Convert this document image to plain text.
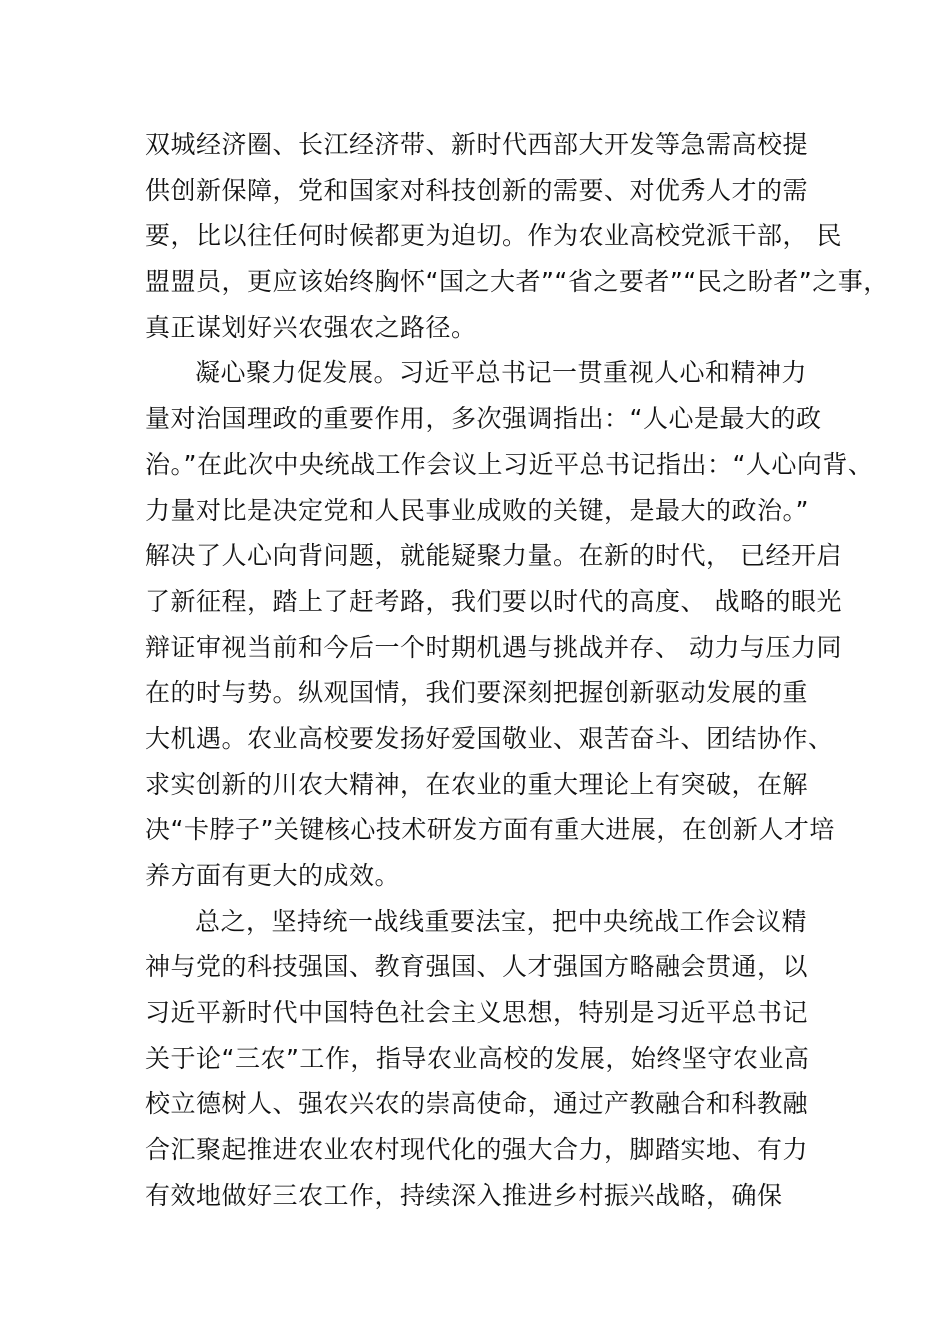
双城经济圈、长江经济带、新时代西部大开发等急需高校提
供创新保障，党和国家对科技创新的需要、对优秀人才的需
要，比以往任何时候都更为迫切。作为农业高校党派干部， 民
盟盟员，更应该始终胸怀“国之大者”“省之要者”“民之盼者”之事，
真正谋划好兴农强农之路径。
凝心聚力促发展。习近平总书记一贯重视人心和精神力
量对治国理政的重要作用，多次强调指出：“人心是最大的政
治。”在此次中央统战工作会议上习近平总书记指出：“人心向背、
力量对比是决定党和人民事业成败的关键，是最大的政治。”
解决了人心向背问题，就能疑聚力量。在新的时代， 已经开启
了新征程，踏上了赶考路，我们要以时代的高度、 战略的眼光
辩证审视当前和今后一个时期机遇与挑战并存、 动力与压力同
在的时与势。纵观国情，我们要深刻把握创新驱动发展的重
大机遇。农业高校要发扬好爱国敬业、艰苦奋斗、团结协作、
求实创新的川农大精神，在农业的重大理论上有突破，在解
决“卡脖子”关键核心技术研发方面有重大进展，在创新人才培
养方面有更大的成效。
总之，坚持统一战线重要法宝，把中央统战工作会议精
神与党的科技强国、教育强国、人才强国方略融会贯通，以
习近平新时代中国特色社会主义思想，特别是习近平总书记
关于论“三农”工作，指导农业高校的发展，始终坚守农业高
校立德树人、强农兴农的崇高使命，通过产教融合和科教融
合汇聚起推进农业农村现代化的强大合力，脚踏实地、有力
有效地做好三农工作，持续深入推进乡村振兴战略，确保
